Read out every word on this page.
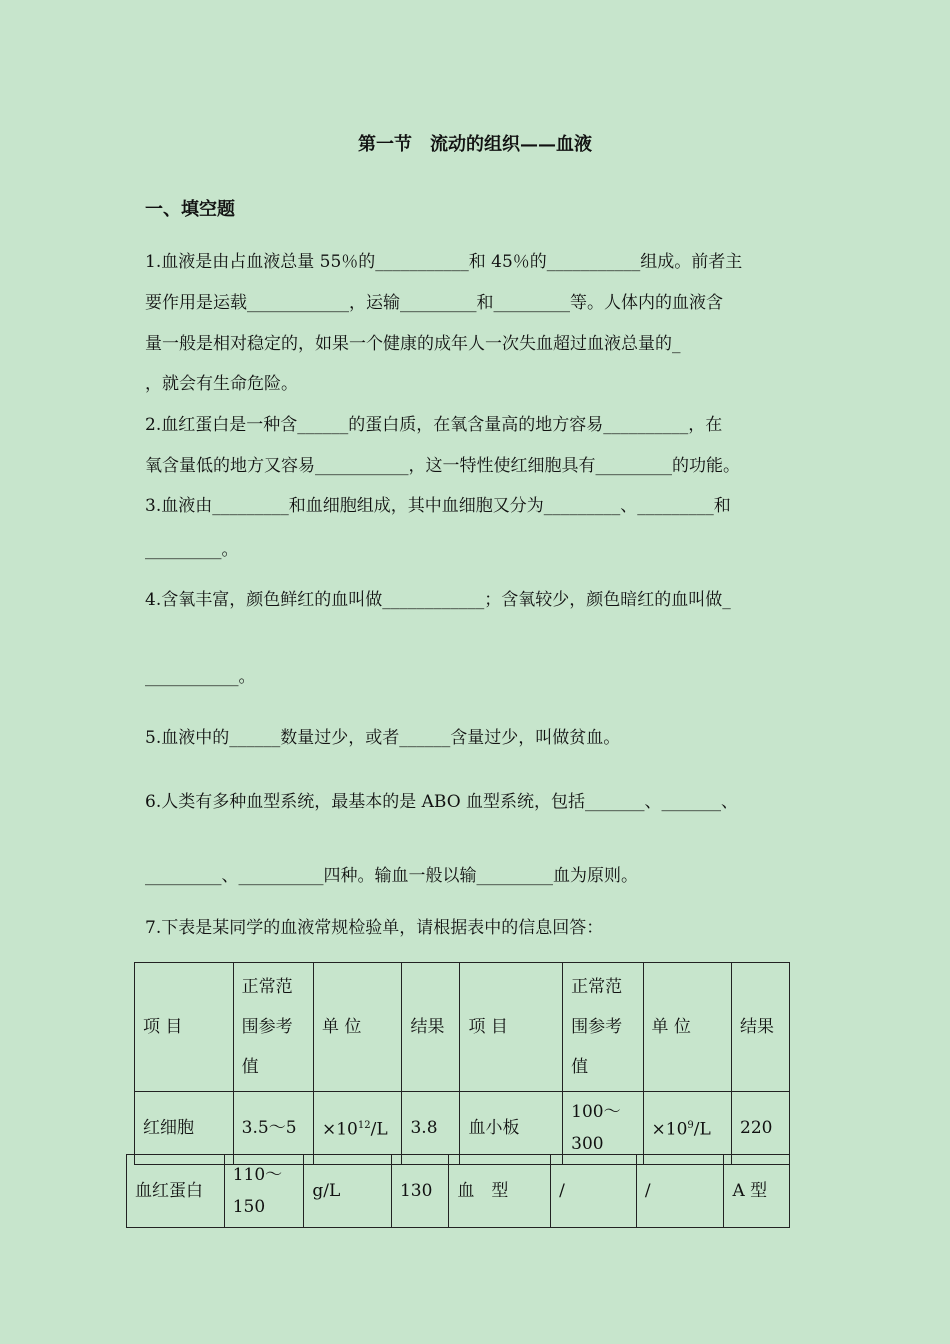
第一节　流动的组织——血液
一、填空题
1.血液是由占血液总量 55％的___________和 45％的___________组成。前者主
要作用是运载____________，运输_________和_________等。人体内的血液含
量一般是相对稳定的，如果一个健康的成年人一次失血超过血液总量的_
，就会有生命危险。
2.血红蛋白是一种含______的蛋白质，在氧含量高的地方容易__________，在
氧含量低的地方又容易___________，这一特性使红细胞具有_________的功能。
3.血液由_________和血细胞组成，其中血细胞又分为_________、_________和
_________。
4.含氧丰富，颜色鲜红的血叫做____________；含氧较少，颜色暗红的血叫做_
___________。
5.血液中的______数量过少，或者______含量过少，叫做贫血。
6.人类有多种血型系统，最基本的是 ABO 血型系统，包括_______、_______、
_________、__________四种。输血一般以输_________血为原则。
7.下表是某同学的血液常规检验单，请根据表中的信息回答：
项 目	正常范围参考值	单 位	结果	项 目	正常范围参考值	单 位	结果
红细胞	3.5～5	$\times 10^{12}/L$	3.8	血小板	100～300	$\times 10^9/L$	220
血红蛋白	110～150	g/L	130	血　型	/	/	A 型
